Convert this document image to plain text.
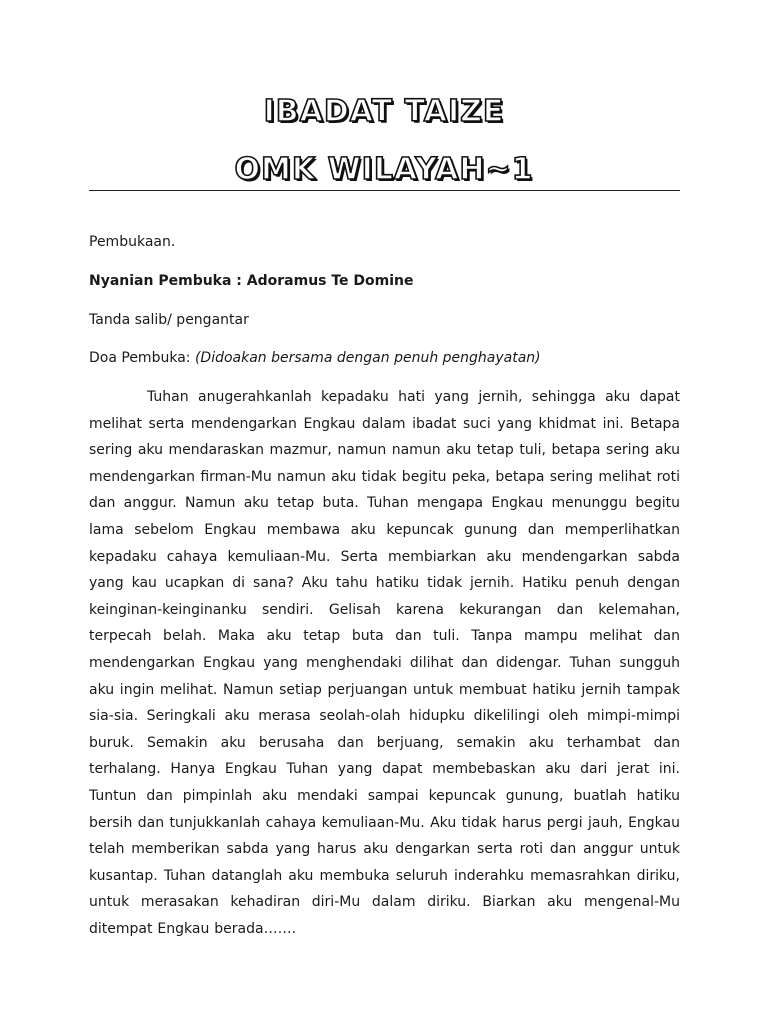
IBADAT TAIZE
OMK WILAYAH~1
Pembukaan.
Nyanian Pembuka : Adoramus Te Domine
Tanda salib/ pengantar
Doa Pembuka: (Didoakan bersama dengan penuh penghayatan)

Tuhan anugerahkanlah kepadaku hati yang jernih, sehingga aku dapat melihat serta mendengarkan Engkau dalam ibadat suci yang khidmat ini. Betapa sering aku mendaraskan mazmur, namun namun aku tetap tuli, betapa sering aku mendengarkan firman-Mu namun aku tidak begitu peka, betapa sering melihat roti dan anggur. Namun aku tetap buta. Tuhan mengapa Engkau menunggu begitu lama sebelom Engkau membawa aku kepuncak gunung dan memperlihatkan kepadaku cahaya kemuliaan-Mu. Serta membiarkan aku mendengarkan sabda yang kau ucapkan di sana? Aku tahu hatiku tidak jernih. Hatiku penuh dengan keinginan-keinginanku sendiri. Gelisah karena kekurangan dan kelemahan, terpecah belah. Maka aku tetap buta dan tuli. Tanpa mampu melihat dan mendengarkan Engkau yang menghendaki dilihat dan didengar. Tuhan sungguh aku ingin melihat. Namun setiap perjuangan untuk membuat hatiku jernih tampak sia-sia. Seringkali aku merasa seolah-olah hidupku dikelilingi oleh mimpi-mimpi buruk. Semakin aku berusaha dan berjuang, semakin aku terhambat dan terhalang. Hanya Engkau Tuhan yang dapat membebaskan aku dari jerat ini. Tuntun dan pimpinlah aku mendaki sampai kepuncak gunung, buatlah hatiku bersih dan tunjukkanlah cahaya kemuliaan-Mu. Aku tidak harus pergi jauh, Engkau telah memberikan sabda yang harus aku dengarkan serta roti dan anggur untuk kusantap. Tuhan datanglah aku membuka seluruh inderahku memasrahkan diriku, untuk merasakan kehadiran diri-Mu dalam diriku. Biarkan aku mengenal-Mu ditempat Engkau berada…….
